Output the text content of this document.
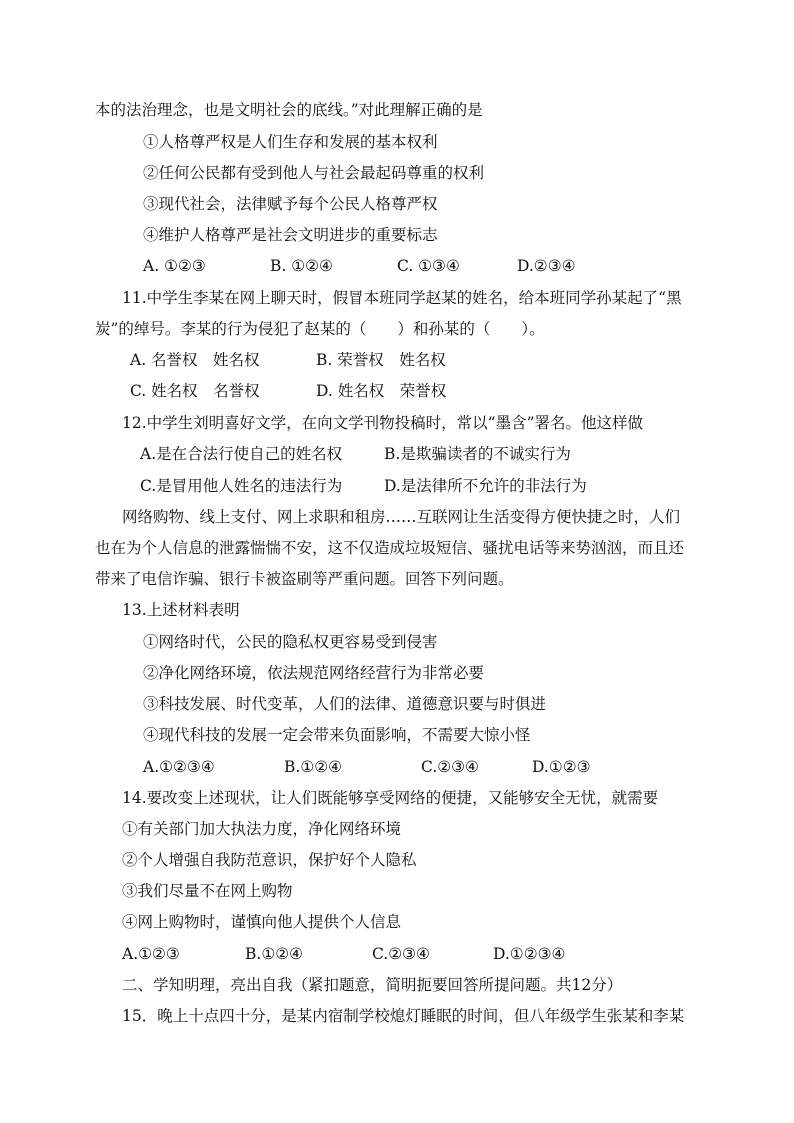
本的法治理念，也是文明社会的底线。”对此理解正确的是
①人格尊严权是人们生存和发展的基本权利
②任何公民都有受到他人与社会最起码尊重的权利
③现代社会，法律赋予每个公民人格尊严权
④维护人格尊严是社会文明进步的重要标志
A. ①②③	B. ①②④	C. ①③④	D.②③④
11.中学生李某在网上聊天时，假冒本班同学赵某的姓名，给本班同学孙某起了“黑
炭”的绰号。李某的行为侵犯了赵某的（　　）和孙某的（　　）。
A. 名誉权　姓名权	B. 荣誉权　姓名权
C. 姓名权　名誉权	D. 姓名权　荣誉权
12.中学生刘明喜好文学，在向文学刊物投稿时，常以“墨含”署名。他这样做
A.是在合法行使自己的姓名权	B.是欺骗读者的不诚实行为
C.是冒用他人姓名的违法行为	D.是法律所不允许的非法行为
网络购物、线上支付、网上求职和租房……互联网让生活变得方便快捷之时，人们
也在为个人信息的泄露惴惴不安，这不仅造成垃圾短信、骚扰电话等来势汹汹，而且还
带来了电信诈骗、银行卡被盗刷等严重问题。回答下列问题。
13.上述材料表明
①网络时代，公民的隐私权更容易受到侵害
②净化网络环境，依法规范网络经营行为非常必要
③科技发展、时代变革，人们的法律、道德意识要与时俱进
④现代科技的发展一定会带来负面影响，不需要大惊小怪
A.①②③④	B.①②④	C.②③④	D.①②③
14.要改变上述现状，让人们既能够享受网络的便捷，又能够安全无忧，就需要
①有关部门加大执法力度，净化网络环境
②个人增强自我防范意识，保护好个人隐私
③我们尽量不在网上购物
④网上购物时，谨慎向他人提供个人信息
A.①②③	B.①②④	C.②③④	D.①②③④
二、学知明理，亮出自我（紧扣题意，简明扼要回答所提问题。共12分）
15．晚上十点四十分，是某内宿制学校熄灯睡眠的时间，但八年级学生张某和李某
